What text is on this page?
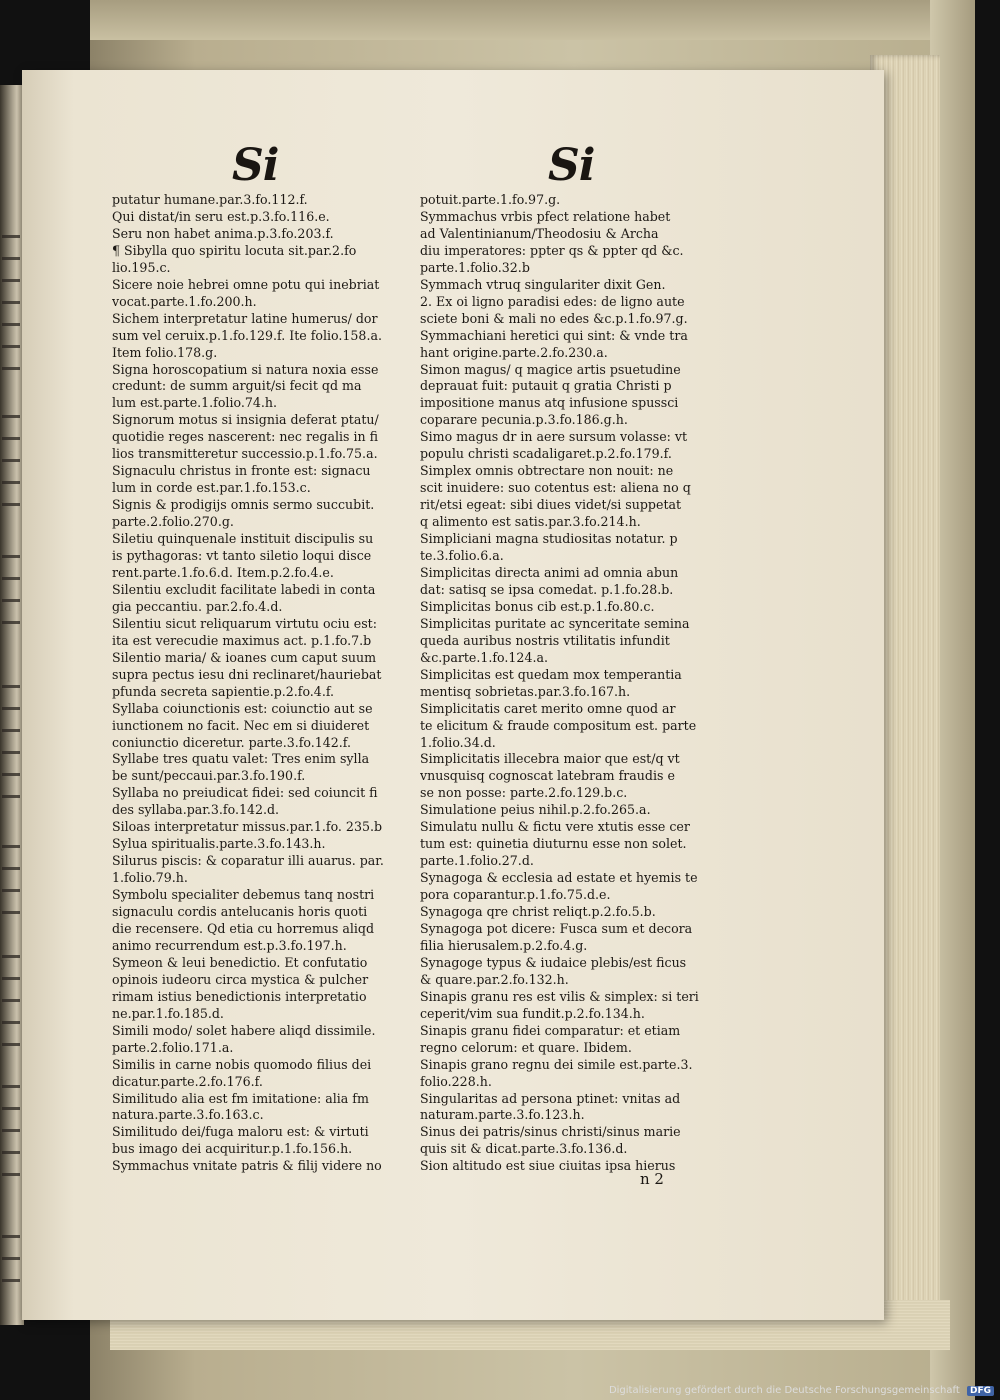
Si	Si
putatur humane.par.3.fo.112.f.
Qui distat/in seru est.p.3.fo.116.e.
Seru non habet anima.p.3.fo.203.f.
¶ Sibylla quo spiritu locuta sit.par.2.fo
lio.195.c.
Sicere noie hebrei omne potu qui inebriat
vocat.parte.1.fo.200.h.
Sichem interpretatur latine humerus/ dor
sum vel ceruix.p.1.fo.129.f. Ite folio.158.a.
Item folio.178.g.
Signa horoscopatium si natura noxia esse
credunt: de summ arguit/si fecit qd ma
lum est.parte.1.folio.74.h.
Signorum motus si insignia deferat ptatu/
quotidie reges nascerent: nec regalis in fi
lios transmitteretur successio.p.1.fo.75.a.
Signaculu christus in fronte est: signacu
lum in corde est.par.1.fo.153.c.
Signis & prodigijs omnis sermo succubit.
parte.2.folio.270.g.
Siletiu quinquenale instituit discipulis su
is pythagoras: vt tanto siletio loqui disce
rent.parte.1.fo.6.d. Item.p.2.fo.4.e.
Silentiu excludit facilitate labedi in conta
gia peccantiu. par.2.fo.4.d.
Silentiu sicut reliquarum virtutu ociu est:
ita est verecudie maximus act. p.1.fo.7.b
Silentio maria/ & ioanes cum caput suum
supra pectus iesu dni reclinaret/hauriebat
pfunda secreta sapientie.p.2.fo.4.f.
Syllaba coiunctionis est: coiunctio aut se
iunctionem no facit. Nec em si diuideret
coniunctio diceretur. parte.3.fo.142.f.
Syllabe tres quatu valet: Tres enim sylla
be sunt/peccaui.par.3.fo.190.f.
Syllaba no preiudicat fidei: sed coiuncit fi
des syllaba.par.3.fo.142.d.
Siloas interpretatur missus.par.1.fo. 235.b
Sylua spiritualis.parte.3.fo.143.h.
Silurus piscis: & coparatur illi auarus. par.
1.folio.79.h.
Symbolu specialiter debemus tanq nostri
signaculu cordis antelucanis horis quoti
die recensere. Qd etia cu horremus aliqd
animo recurrendum est.p.3.fo.197.h.
Symeon & leui benedictio. Et confutatio
opinois iudeoru circa mystica & pulcher
rimam istius benedictionis interpretatio
ne.par.1.fo.185.d.
Simili modo/ solet habere aliqd dissimile.
parte.2.folio.171.a.
Similis in carne nobis quomodo filius dei
dicatur.parte.2.fo.176.f.
Similitudo alia est fm imitatione: alia fm
natura.parte.3.fo.163.c.
Similitudo dei/fuga maloru est: & virtuti
bus imago dei acquiritur.p.1.fo.156.h.
Symmachus vnitate patris & filij videre no
potuit.parte.1.fo.97.g.
Symmachus vrbis pfect relatione habet
ad Valentinianum/Theodosiu & Archa
diu imperatores: ppter qs & ppter qd &c.
parte.1.folio.32.b
Symmach vtruq singulariter dixit Gen.
2. Ex oi ligno paradisi edes: de ligno aute
sciete boni & mali no edes &c.p.1.fo.97.g.
Symmachiani heretici qui sint: & vnde tra
hant origine.parte.2.fo.230.a.
Simon magus/ q magice artis psuetudine
deprauat fuit: putauit q gratia Christi p
impositione manus atq infusione spussci
coparare pecunia.p.3.fo.186.g.h.
Simo magus dr in aere sursum volasse: vt
populu christi scadaligaret.p.2.fo.179.f.
Simplex omnis obtrectare non nouit: ne
scit inuidere: suo cotentus est: aliena no q
rit/etsi egeat: sibi diues videt/si suppetat
q alimento est satis.par.3.fo.214.h.
Simpliciani magna studiositas notatur. p
te.3.folio.6.a.
Simplicitas directa animi ad omnia abun
dat: satisq se ipsa comedat. p.1.fo.28.b.
Simplicitas bonus cib est.p.1.fo.80.c.
Simplicitas puritate ac synceritate semina
queda auribus nostris vtilitatis infundit
&c.parte.1.fo.124.a.
Simplicitas est quedam mox temperantia
mentisq sobrietas.par.3.fo.167.h.
Simplicitatis caret merito omne quod ar
te elicitum & fraude compositum est. parte
1.folio.34.d.
Simplicitatis illecebra maior que est/q vt
vnusquisq cognoscat latebram fraudis e
se non posse: parte.2.fo.129.b.c.
Simulatione peius nihil.p.2.fo.265.a.
Simulatu nullu & fictu vere xtutis esse cer
tum est: quinetia diuturnu esse non solet.
parte.1.folio.27.d.
Synagoga & ecclesia ad estate et hyemis te
pora coparantur.p.1.fo.75.d.e.
Synagoga qre christ reliqt.p.2.fo.5.b.
Synagoga pot dicere: Fusca sum et decora
filia hierusalem.p.2.fo.4.g.
Synagoge typus & iudaice plebis/est ficus
& quare.par.2.fo.132.h.
Sinapis granu res est vilis & simplex: si teri
ceperit/vim sua fundit.p.2.fo.134.h.
Sinapis granu fidei comparatur: et etiam
regno celorum: et quare. Ibidem.
Sinapis grano regnu dei simile est.parte.3.
folio.228.h.
Singularitas ad persona ptinet: vnitas ad
naturam.parte.3.fo.123.h.
Sinus dei patris/sinus christi/sinus marie
quis sit & dicat.parte.3.fo.136.d.
Sion altitudo est siue ciuitas ipsa hierus
n 2
Digitalisierung gefördert durch die Deutsche Forschungsgemeinschaft DFG
